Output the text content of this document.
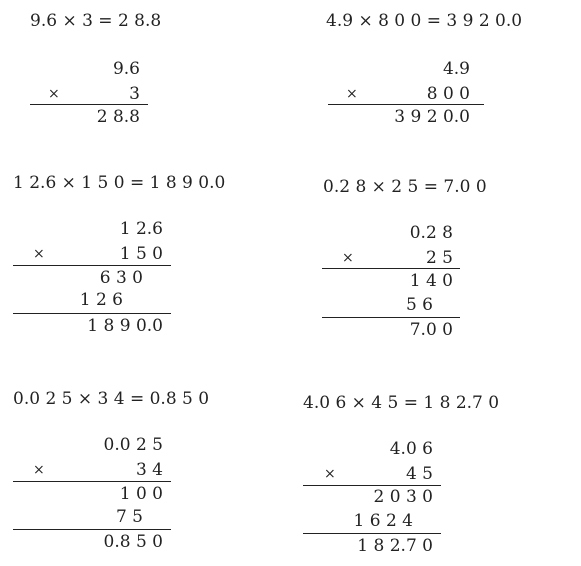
9.6 × 3 = 2 8.8
9.6
×	3
2 8.8
4.9 × 8 0 0 = 3 9 2 0.0
4.9
×	8 0 0
3 9 2 0.0
1 2.6 × 1 5 0 = 1 8 9 0.0
1 2.6
×	1 5 0
6 3 0
1 2 6
1 8 9 0.0
0.2 8 × 2 5 = 7.0 0
0.2 8
×	2 5
1 4 0
5 6
7.0 0
0.0 2 5 × 3 4 = 0.8 5 0
0.0 2 5
×	3 4
1 0 0
7 5
0.8 5 0
4.0 6 × 4 5 = 1 8 2.7 0
4.0 6
×	4 5
2 0 3 0
1 6 2 4
1 8 2.7 0
